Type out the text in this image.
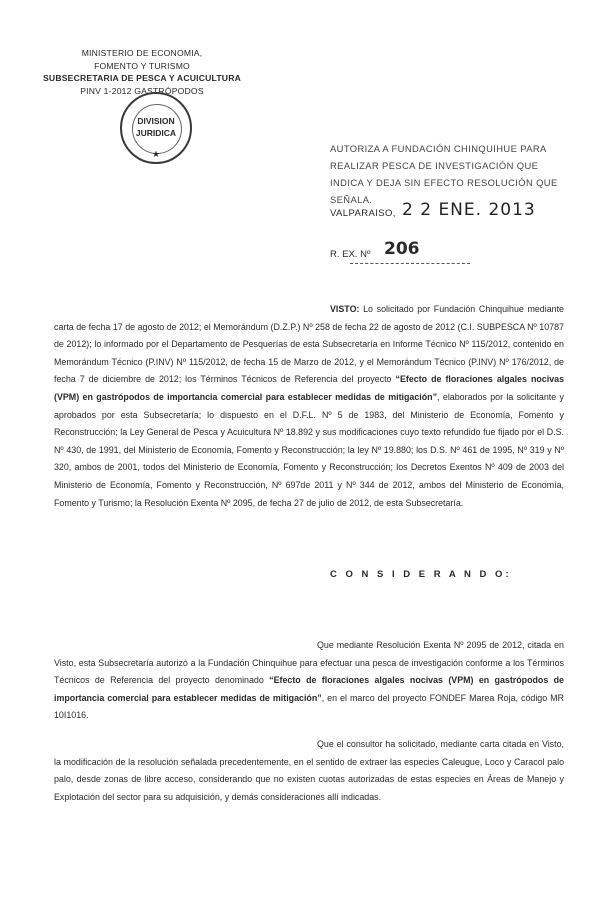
MINISTERIO DE ECONOMIA,
FOMENTO Y TURISMO
SUBSECRETARIA DE PESCA Y ACUICULTURA
PINV 1-2012 GASTRÓPODOS
DIVISION
JURIDICA
★	AUTORIZA A FUNDACIÓN CHINQUIHUE PARA REALIZAR PESCA DE INVESTIGACIÓN QUE INDICA Y DEJA SIN EFECTO RESOLUCIÓN QUE SEÑALA.
VALPARAISO, 2 2 ENE. 2013
R. EX. Nº 206
VISTO: Lo solicitado por Fundación Chinquihue mediante carta de fecha 17 de agosto de 2012; el Memorándum (D.Z.P.) Nº 258 de fecha 22 de agosto de 2012 (C.I. SUBPESCA Nº 10787 de 2012); lo informado por el Departamento de Pesquerías de esta Subsecretaría en Informe Técnico Nº 115/2012, contenido en Memorándum Técnico (P.INV) Nº 115/2012, de fecha 15 de Marzo de 2012, y el Memorándum Técnico (P.INV) Nº 176/2012, de fecha 7 de diciembre de 2012; los Términos Técnicos de Referencia del proyecto “Efecto de floraciones algales nocivas (VPM) en gastrópodos de importancia comercial para establecer medidas de mitigación”, elaborados por la solicitante y aprobados por esta Subsecretaría; lo dispuesto en el D.F.L. Nº 5 de 1983, del Ministerio de Economía, Fomento y Reconstrucción; la Ley General de Pesca y Acuicultura Nº 18.892 y sus modificaciones cuyo texto refundido fue fijado por el D.S. Nº 430, de 1991, del Ministerio de Economía, Fomento y Reconstrucción; la ley Nº 19.880; los D.S. Nº 461 de 1995, Nº 319 y Nº 320, ambos de 2001, todos del Ministerio de Economía, Fomento y Reconstrucción; los Decretos Exentos Nº 409 de 2003 del Ministerio de Economía, Fomento y Reconstrucción, Nº 697de 2011 y Nº 344 de 2012, ambos del Ministerio de Economía, Fomento y Turismo; la Resolución Exenta Nº 2095, de fecha 27 de julio de 2012, de esta Subsecretaría.
C O N S I D E R A N D O:
Que mediante Resolución Exenta Nº 2095 de 2012, citada en Visto, esta Subsecretaría autorizó a la Fundación Chinquihue para efectuar una pesca de investigación conforme a los Términos Técnicos de Referencia del proyecto denominado “Efecto de floraciones algales nocivas (VPM) en gastrópodos de importancia comercial para establecer medidas de mitigación”, en el marco del proyecto FONDEF Marea Roja, código MR 10I1016.
Que el consultor ha solicitado, mediante carta citada en Visto, la modificación de la resolución señalada precedentemente, en el sentido de extraer las especies Caleugue, Loco y Caracol palo palo, desde zonas de libre acceso, considerando que no existen cuotas autorizadas de estas especies en Áreas de Manejo y Explotación del sector para su adquisición, y demás consideraciones allí indicadas.
